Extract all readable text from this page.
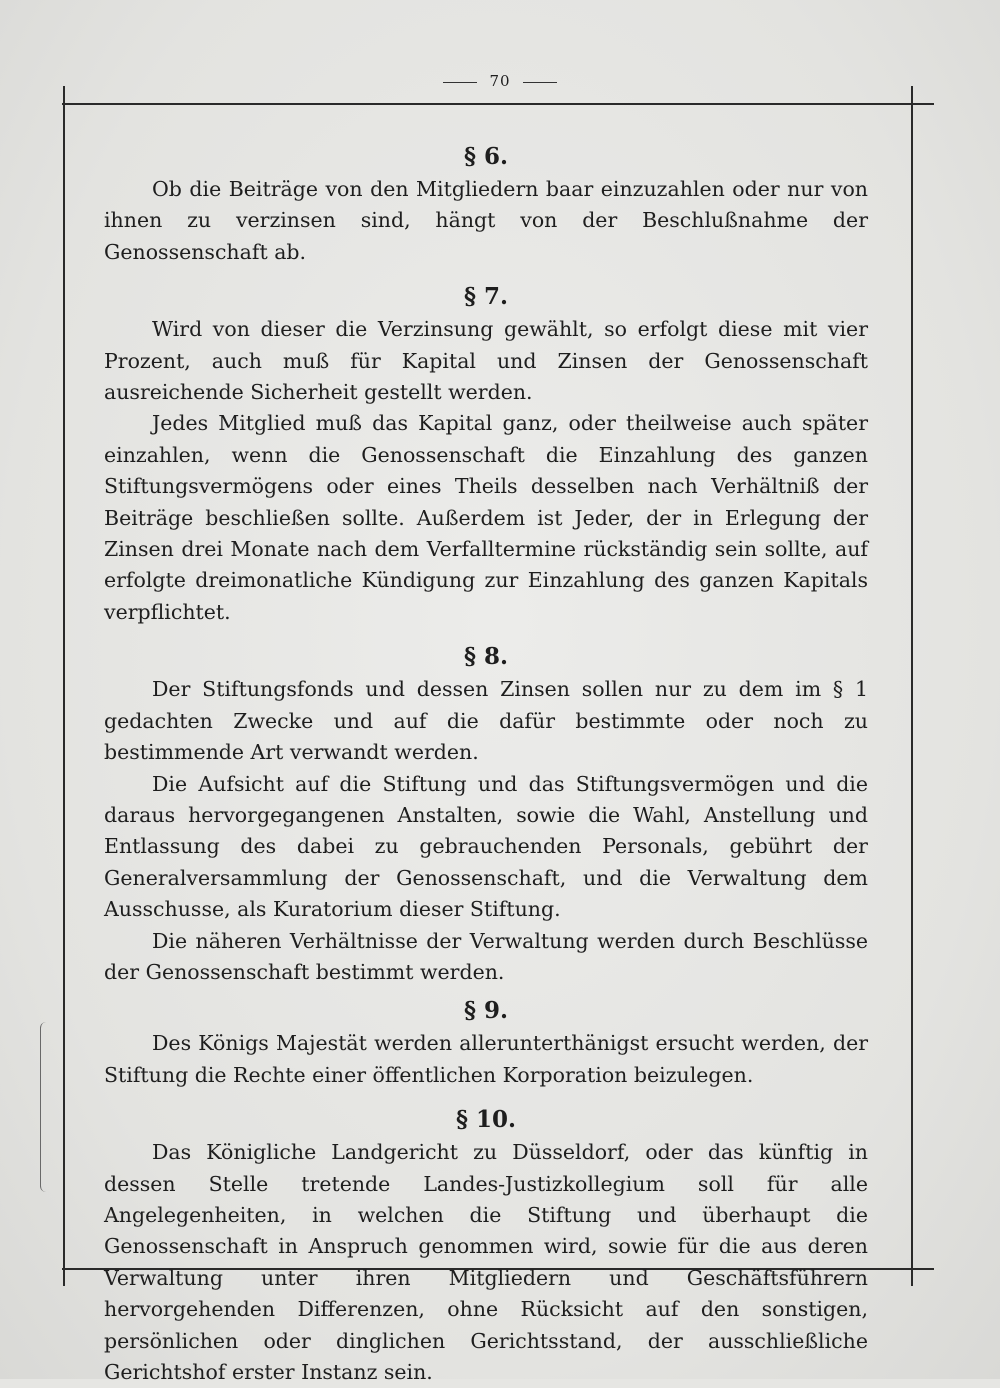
70
§ 6.

Ob die Beiträge von den Mitgliedern baar einzuzahlen oder nur von ihnen zu verzinsen sind, hängt von der Beschlußnahme der Genossenschaft ab.

§ 7.

Wird von dieser die Verzinsung gewählt, so erfolgt diese mit vier Prozent, auch muß für Kapital und Zinsen der Genossenschaft ausreichende Sicherheit gestellt werden.

Jedes Mitglied muß das Kapital ganz, oder theilweise auch später einzahlen, wenn die Genossenschaft die Einzahlung des ganzen Stiftungsvermögens oder eines Theils desselben nach Verhältniß der Beiträge beschließen sollte. Außerdem ist Jeder, der in Erlegung der Zinsen drei Monate nach dem Verfalltermine rückständig sein sollte, auf erfolgte dreimonatliche Kündigung zur Einzahlung des ganzen Kapitals verpflichtet.

§ 8.

Der Stiftungsfonds und dessen Zinsen sollen nur zu dem im § 1 gedachten Zwecke und auf die dafür bestimmte oder noch zu bestimmende Art verwandt werden.

Die Aufsicht auf die Stiftung und das Stiftungsvermögen und die daraus hervorgegangenen Anstalten, sowie die Wahl, Anstellung und Entlassung des dabei zu gebrauchenden Personals, gebührt der Generalversammlung der Genossenschaft, und die Verwaltung dem Ausschusse, als Kuratorium dieser Stiftung.

Die näheren Verhältnisse der Verwaltung werden durch Beschlüsse der Genossenschaft bestimmt werden.

§ 9.

Des Königs Majestät werden allerunterthänigst ersucht werden, der Stiftung die Rechte einer öffentlichen Korporation beizulegen.

§ 10.

Das Königliche Landgericht zu Düsseldorf, oder das künftig in dessen Stelle tretende Landes-Justizkollegium soll für alle Angelegenheiten, in welchen die Stiftung und überhaupt die Genossenschaft in Anspruch genommen wird, sowie für die aus deren Verwaltung unter ihren Mitgliedern und Geschäftsführern hervorgehenden Differenzen, ohne Rücksicht auf den sonstigen, persönlichen oder dinglichen Gerichtsstand, der ausschließliche Gerichtshof erster Instanz sein.
